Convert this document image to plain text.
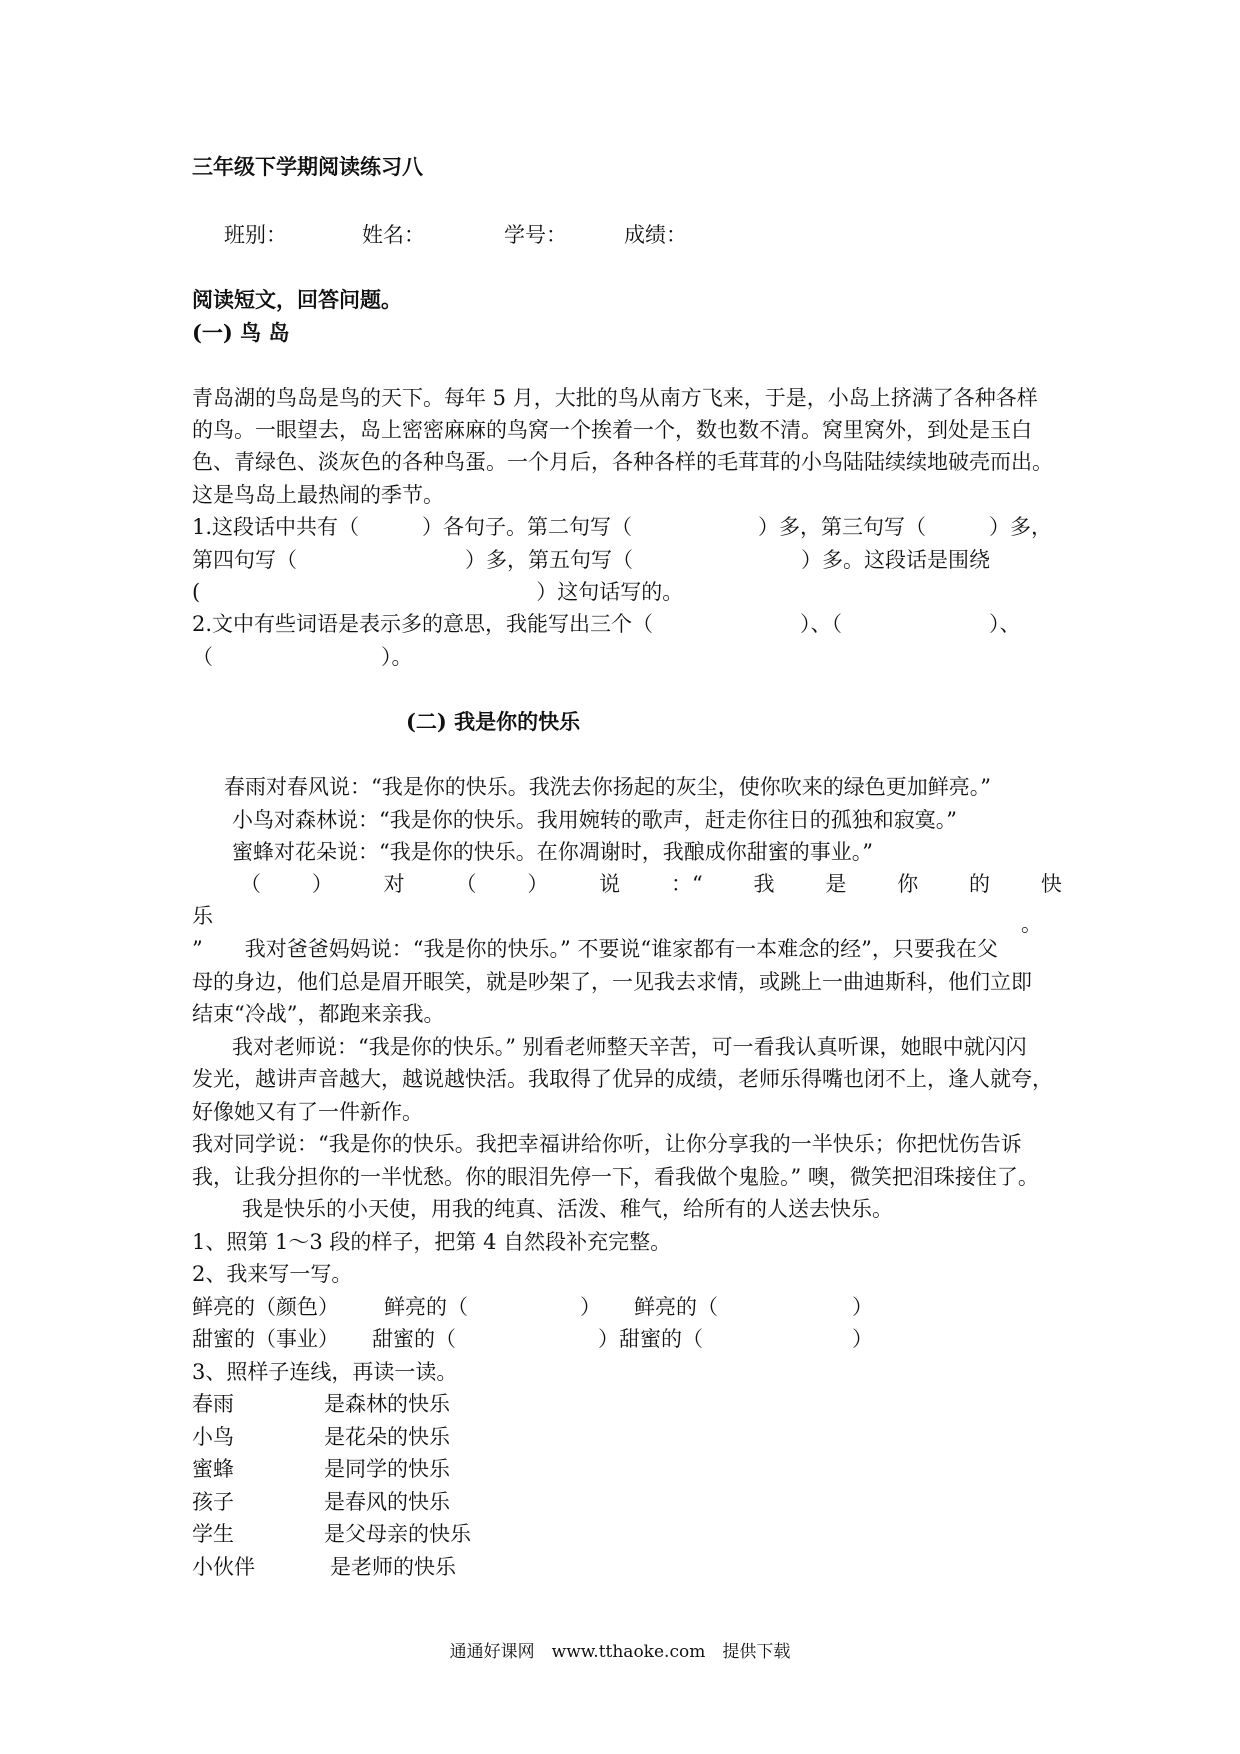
三年级下学期阅读练习八
班别：	姓名：	学号：	成绩：
阅读短文，回答问题。
(一) 鸟 岛
青岛湖的鸟岛是鸟的天下。每年 5 月，大批的鸟从南方飞来，于是，小岛上挤满了各种各样
的鸟。一眼望去，岛上密密麻麻的鸟窝一个挨着一个，数也数不清。窝里窝外，到处是玉白
色、青绿色、淡灰色的各种鸟蛋。一个月后，各种各样的毛茸茸的小鸟陆陆续续地破壳而出。
这是鸟岛上最热闹的季节。
1.这段话中共有（　　　）各句子。第二句写（　　　　　　）多，第三句写（　　　）多，
第四句写（　　　　　　　　）多，第五句写（　　　　　　　　）多。这段话是围绕
(　　　　　　　　　　　　　　　　）这句话写的。
2.文中有些词语是表示多的意思，我能写出三个（　　　　　　　）、（　　　　　　　）、
（　　　　　　　　）。
(二) 我是你的快乐
春雨对春风说：“我是你的快乐。我洗去你扬起的灰尘，使你吹来的绿色更加鲜亮。”
小鸟对森林说：“我是你的快乐。我用婉转的歌声，赶走你往日的孤独和寂寞。”
蜜蜂对花朵说：“我是你的快乐。在你凋谢时，我酿成你甜蜜的事业。”
（ ） 对 （ ） 说 ：“ 我 是 你 的 快
乐	。
”　　我对爸爸妈妈说：“我是你的快乐。” 不要说“谁家都有一本难念的经”，只要我在父
母的身边，他们总是眉开眼笑，就是吵架了，一见我去求情，或跳上一曲迪斯科，他们立即
结束“冷战”，都跑来亲我。
我对老师说：“我是你的快乐。” 别看老师整天辛苦，可一看我认真听课，她眼中就闪闪
发光，越讲声音越大，越说越快活。我取得了优异的成绩，老师乐得嘴也闭不上，逢人就夸，
好像她又有了一件新作。
我对同学说：“我是你的快乐。我把幸福讲给你听，让你分享我的一半快乐；你把忧伤告诉
我，让我分担你的一半忧愁。你的眼泪先停一下，看我做个鬼脸。” 噢，微笑把泪珠接住了。
我是快乐的小天使，用我的纯真、活泼、稚气，给所有的人送去快乐。
1、照第 1～3 段的样子，把第 4 自然段补充完整。
2、我来写一写。
鲜亮的（颜色） 鲜亮的（	） 鲜亮的（	）
甜蜜的（事业） 甜蜜的（	）甜蜜的（	）
3、照样子连线，再读一读。
春雨	是森林的快乐
小鸟	是花朵的快乐
蜜蜂	是同学的快乐
孩子	是春风的快乐
学生	是父母亲的快乐
小伙伴	是老师的快乐
通通好课网　www.tthaoke.com　提供下载
